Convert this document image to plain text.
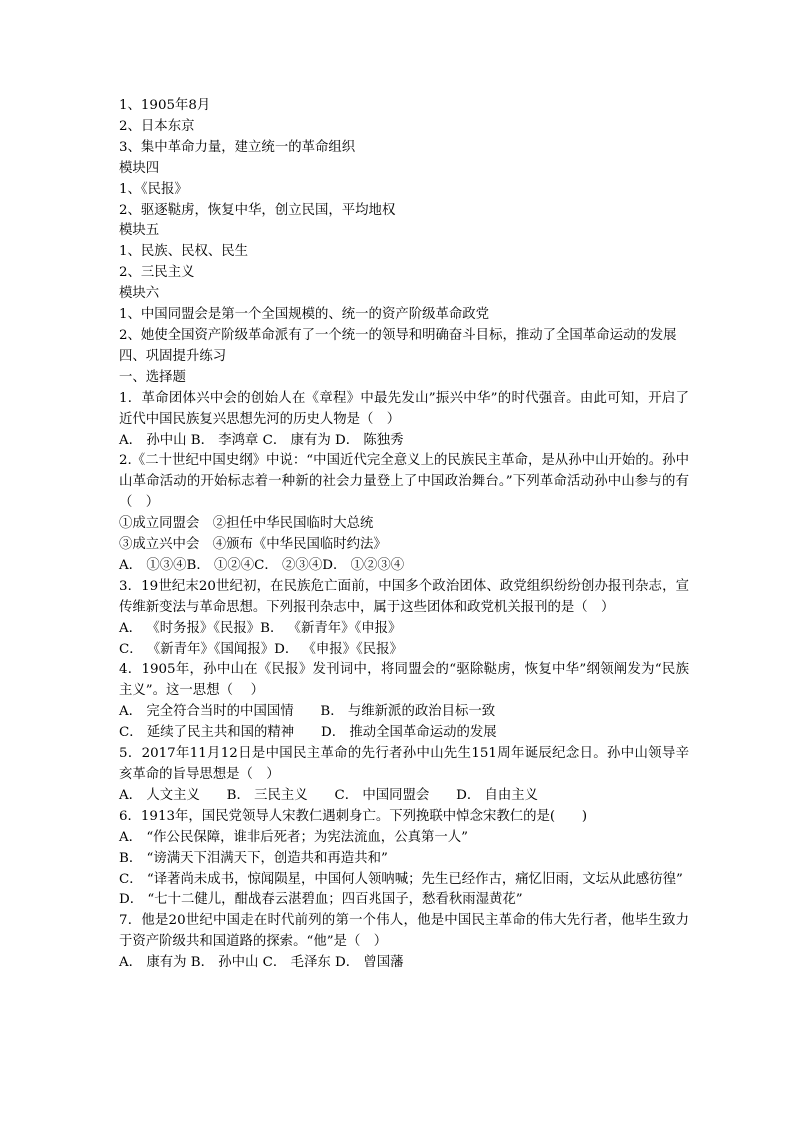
1、1905年8月
2、日本东京
3、集中革命力量，建立统一的革命组织
模块四
1、《民报》
2、驱逐鞑虏，恢复中华，创立民国，平均地权
模块五
1、民族、民权、民生
2、三民主义
模块六
1、中国同盟会是第一个全国规模的、统一的资产阶级革命政党
2、她使全国资产阶级革命派有了一个统一的领导和明确奋斗目标，推动了全国革命运动的发展
四、巩固提升练习
一、选择题
1．革命团体兴中会的创始人在《章程》中最先发山”振兴中华”的时代强音。由此可知，开启了近代中国民族复兴思想先河的历史人物是（　）
A． 孙中山 B． 李鸿章 C． 康有为 D． 陈独秀
2.《二十世纪中国史纲》中说：“中国近代完全意义上的民族民主革命，是从孙中山开始的。孙中山革命活动的开始标志着一种新的社会力量登上了中国政治舞台。”下列革命活动孙中山参与的有（　）
①成立同盟会　②担任中华民国临时大总统
③成立兴中会　④颁布《中华民国临时约法》
A． ①③④B． ①②④C． ②③④D． ①②③④
3．19世纪末20世纪初，在民族危亡面前，中国多个政治团体、政党组织纷纷创办报刊杂志，宣传维新变法与革命思想。下列报刊杂志中，属于这些团体和政党机关报刊的是（　）
A． 《时务报》《民报》B． 《新青年》《申报》
C． 《新青年》《国闻报》D． 《申报》《民报》
4．1905年，孙中山在《民报》发刊词中，将同盟会的“驱除鞑虏，恢复中华”纲领阐发为“民族主义”。这一思想（　 ）
A． 完全符合当时的中国国情　　B． 与维新派的政治目标一致
C． 延续了民主共和国的精神　　D． 推动全国革命运动的发展
5．2017年11月12日是中国民主革命的先行者孙中山先生151周年诞辰纪念日。孙中山领导辛亥革命的旨导思想是（　）
A． 人文主义　　B． 三民主义　　C． 中国同盟会　　D． 自由主义
6．1913年，国民党领导人宋教仁遇刺身亡。下列挽联中悼念宋教仁的是(　　)
A． “作公民保障，谁非后死者；为宪法流血，公真第一人”
B． “谤满天下泪满天下，创造共和再造共和”
C． “译著尚未成书，惊闻陨星，中国何人领呐喊；先生已经作古，痛忆旧雨，文坛从此感彷徨”
D． “七十二健儿，酣战春云湛碧血；四百兆国子，愁看秋雨湿黄花”
7．他是20世纪中国走在时代前列的第一个伟人，他是中国民主革命的伟大先行者，他毕生致力于资产阶级共和国道路的探索。“他”是（　）
A． 康有为 B． 孙中山 C． 毛泽东 D． 曾国藩
